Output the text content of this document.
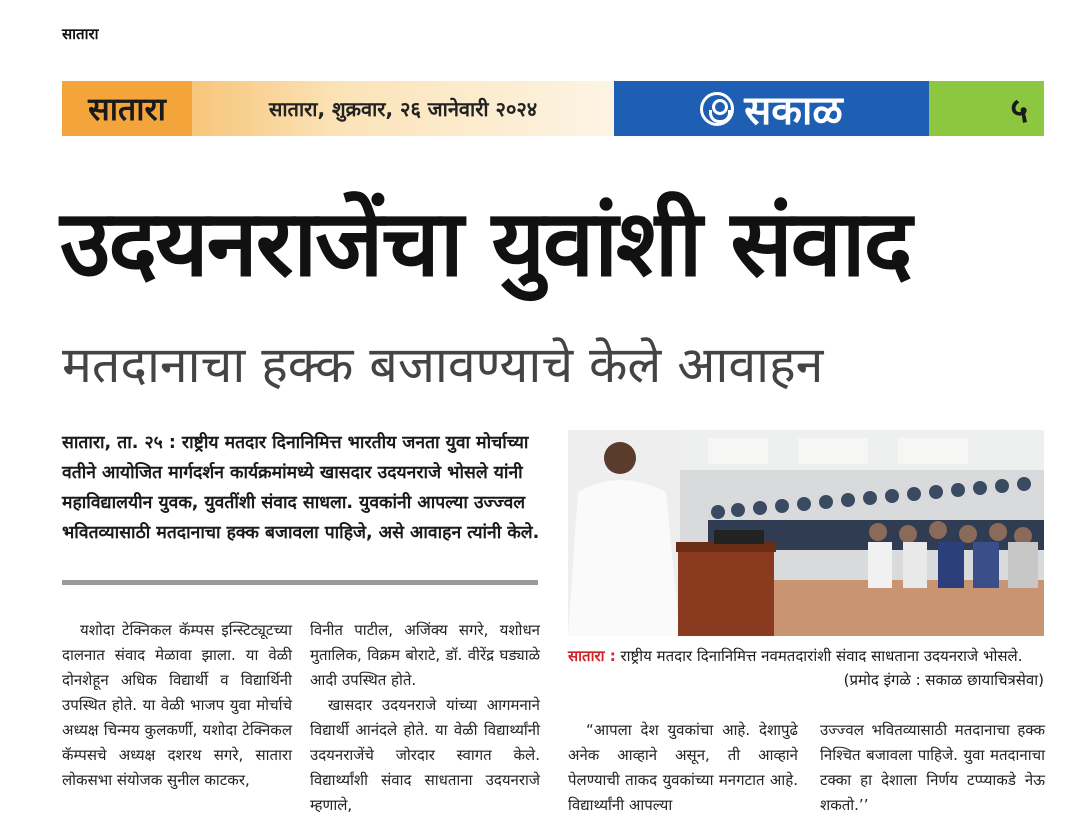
सातारा
सातारा	सातारा, शुक्रवार, २६ जानेवारी २०२४	सकाळ	५
उदयनराजेंचा युवांशी संवाद
मतदानाचा हक्क बजावण्याचे केले आवाहन
सातारा, ता. २५ : राष्ट्रीय मतदार दिनानिमित्त भारतीय जनता युवा मोर्चाच्या वतीने आयोजित मार्गदर्शन कार्यक्रमांमध्ये खासदार उदयनराजे भोसले यांनी महाविद्यालयीन युवक, युवतींशी संवाद साधला. युवकांनी आपल्या उज्ज्वल भवितव्यासाठी मतदानाचा हक्क बजावला पाहिजे, असे आवाहन त्यांनी केले.

यशोदा टेक्निकल कॅम्पस इन्स्टिट्यूटच्या दालनात संवाद मेळावा झाला. या वेळी दोनशेहून अधिक विद्यार्थी व विद्यार्थिनी उपस्थित होते. या वेळी भाजप युवा मोर्चाचे अध्यक्ष चिन्मय कुलकर्णी, यशोदा टेक्निकल कॅम्पसचे अध्यक्ष दशरथ सगरे, सातारा लोकसभा संयोजक सुनील काटकर,

विनीत पाटील, अजिंक्य सगरे, यशोधन मुतालिक, विक्रम बोराटे, डॉ. वीरेंद्र घड्याळे आदी उपस्थित होते.

खासदार उदयनराजे यांच्या आगमनाने विद्यार्थी आनंदले होते. या वेळी विद्यार्थ्यांनी उदयनराजेंचे जोरदार स्वागत केले. विद्यार्थ्यांशी संवाद साधताना उदयनराजे म्हणाले,

“आपला देश युवकांचा आहे. देशापुढे अनेक आव्हाने असून, ती आव्हाने पेलण्याची ताकद युवकांच्या मनगटात आहे. विद्यार्थ्यांनी आपल्या

उज्ज्वल भवितव्यासाठी मतदानाचा हक्क निश्चित बजावला पाहिजे. युवा मतदानाचा टक्का हा देशाला निर्णय टप्प्याकडे नेऊ शकतो.’’

सातारा : राष्ट्रीय मतदार दिनानिमित्त नवमतदारांशी संवाद साधताना उदयनराजे भोसले.
(प्रमोद इंगळे : सकाळ छायाचित्रसेवा)
